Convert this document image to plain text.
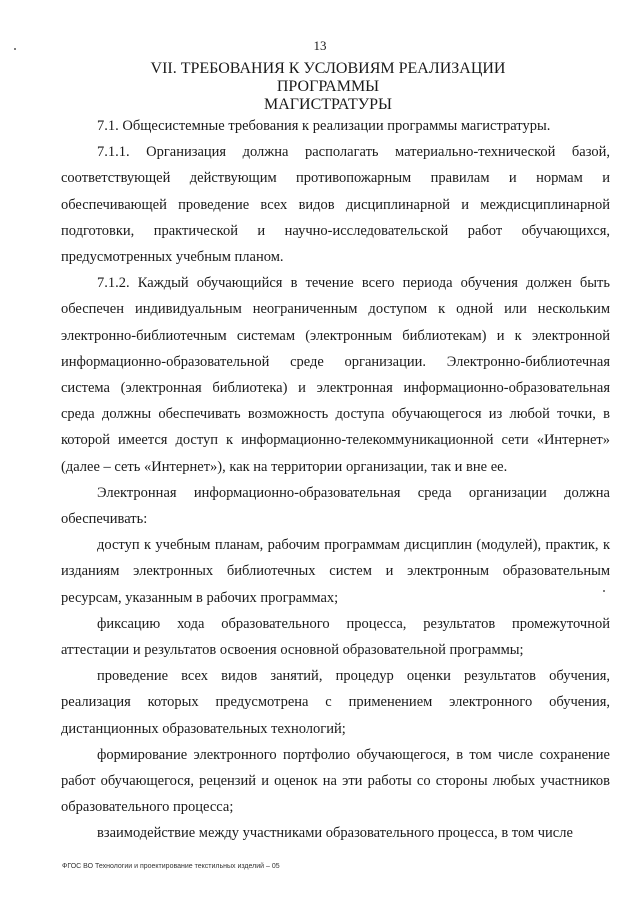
13
VII. ТРЕБОВАНИЯ К УСЛОВИЯМ РЕАЛИЗАЦИИ ПРОГРАММЫ
МАГИСТРАТУРЫ

7.1. Общесистемные требования к реализации программы магистратуры.

7.1.1. Организация должна располагать материально-технической базой, соответствующей действующим противопожарным правилам и нормам и обеспечивающей проведение всех видов дисциплинарной и междисциплинарной подготовки, практической и научно-исследовательской работ обучающихся, предусмотренных учебным планом.

7.1.2. Каждый обучающийся в течение всего периода обучения должен быть обеспечен индивидуальным неограниченным доступом к одной или нескольким электронно-библиотечным системам (электронным библиотекам) и к электронной информационно-образовательной среде организации. Электронно-библиотечная система (электронная библиотека) и электронная информационно-образовательная среда должны обеспечивать возможность доступа обучающегося из любой точки, в которой имеется доступ к информационно-телекоммуникационной сети «Интернет» (далее – сеть «Интернет»), как на территории организации, так и вне ее.

Электронная информационно-образовательная среда организации должна обеспечивать:

доступ к учебным планам, рабочим программам дисциплин (модулей), практик, к изданиям электронных библиотечных систем и электронным образовательным ресурсам, указанным в рабочих программах;

фиксацию хода образовательного процесса, результатов промежуточной аттестации и результатов освоения основной образовательной программы;

проведение всех видов занятий, процедур оценки результатов обучения, реализация которых предусмотрена с применением электронного обучения, дистанционных образовательных технологий;

формирование электронного портфолио обучающегося, в том числе сохранение работ обучающегося, рецензий и оценок на эти работы со стороны любых участников образовательного процесса;

взаимодействие между участниками образовательного процесса, в том числе

ФГОС ВО Технологии и проектирование текстильных изделий – 05
